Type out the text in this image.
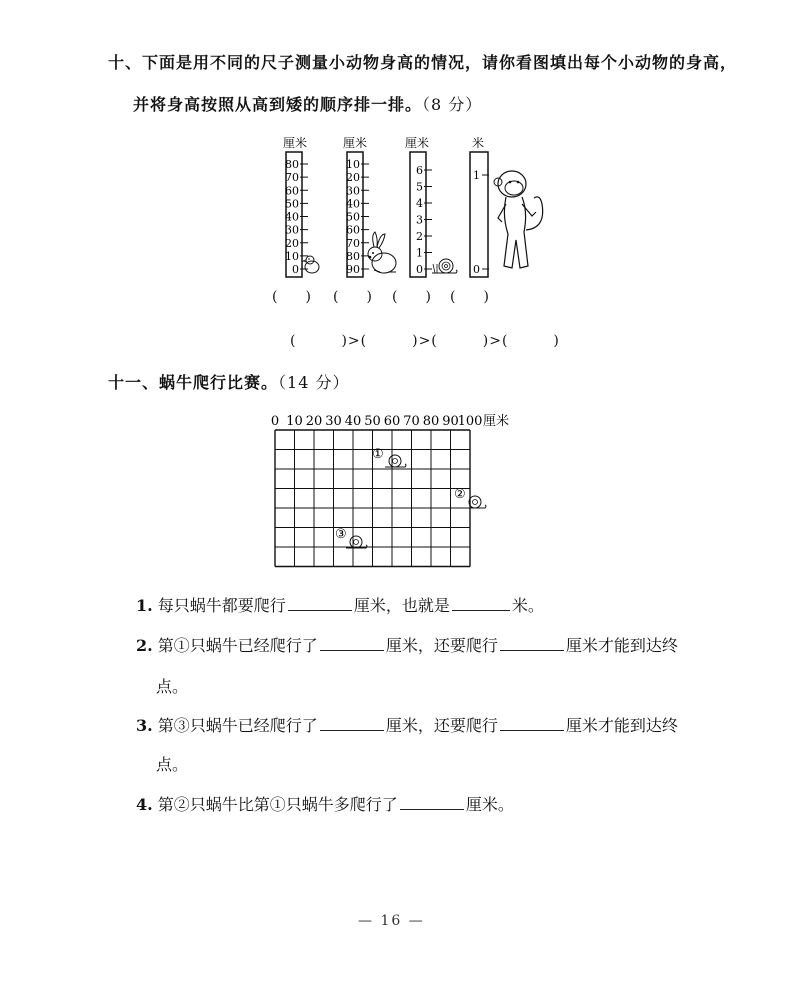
十、下面是用不同的尺子测量小动物身高的情况，请你看图填出每个小动物的身高，
并将身高按照从高到矮的顺序排一排。（8 分）
厘米
80
70
60
50
40
30
20
10
0
厘米
10
20
30
40
50
60
70
80
90
厘米
6
5
4
3
2
1
0
米
1
0
(　　) (　　) (　　) (　　)
(　　　)>(　　　)>(　　　)>(　　　)
十一、蜗牛爬行比赛。（14 分）
0 10 20 30 40 50 60 70 80 90
100 厘米
①
②
③
1. 每只蜗牛都要爬行	厘米，也就是	米。
2. 第①只蜗牛已经爬行了	厘米，还要爬行	厘米才能到达终
点。
3. 第③只蜗牛已经爬行了	厘米，还要爬行	厘米才能到达终
点。
4. 第②只蜗牛比第①只蜗牛多爬行了	厘米。
— 16 —
